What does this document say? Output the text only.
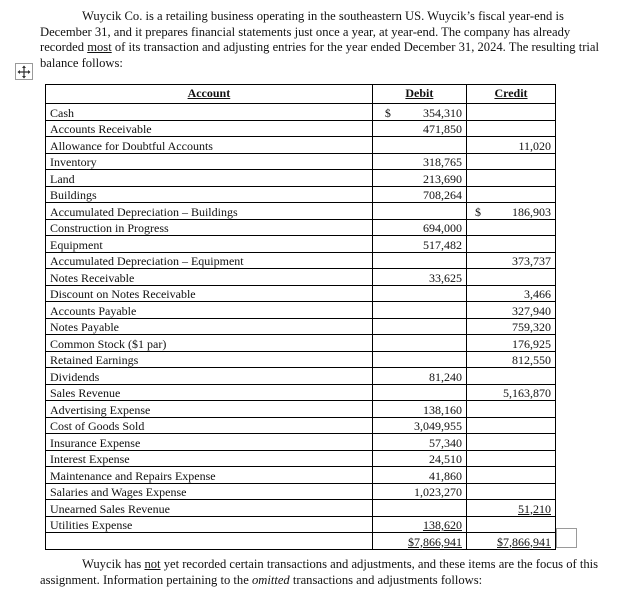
Wuycik Co. is a retailing business operating in the southeastern US. Wuycik’s fiscal year-end is December 31, and it prepares financial statements just once a year, at year-end. The company has already recorded most of its transaction and adjusting entries for the year ended December 31, 2024. The resulting trial balance follows:

Account	Debit	Credit
Cash	$ 354,310	
Accounts Receivable	471,850	
Allowance for Doubtful Accounts		11,020
Inventory	318,765	
Land	213,690	
Buildings	708,264	
Accumulated Depreciation – Buildings		$ 186,903
Construction in Progress	694,000	
Equipment	517,482	
Accumulated Depreciation – Equipment		373,737
Notes Receivable	33,625	
Discount on Notes Receivable		3,466
Accounts Payable		327,940
Notes Payable		759,320
Common Stock ($1 par)		176,925
Retained Earnings		812,550
Dividends	81,240	
Sales Revenue		5,163,870
Advertising Expense	138,160	
Cost of Goods Sold	3,049,955	
Insurance Expense	57,340	
Interest Expense	24,510	
Maintenance and Repairs Expense	41,860	
Salaries and Wages Expense	1,023,270	
Unearned Sales Revenue		51,210
Utilities Expense	138,620	
	$7,866,941	$7,866,941

Wuycik has not yet recorded certain transactions and adjustments, and these items are the focus of this assignment. Information pertaining to the omitted transactions and adjustments follows:
